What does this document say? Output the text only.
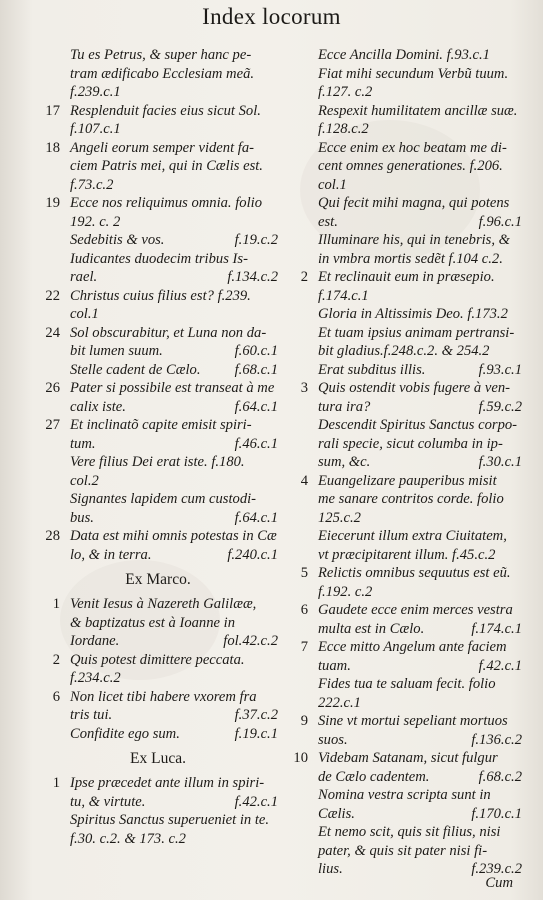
Index locorum
Tu es Petrus, & super hanc pe-
tram ædificabo Ecclesiam meã.
f.239.c.1
17 Resplenduit facies eius sicut Sol.
f.107.c.1
18 Angeli eorum semper vident fa-
ciem Patris mei, qui in Cælis est.
f.73.c.2
19 Ecce nos reliquimus omnia. folio
192. c. 2
Sedebitis & vos.	f.19.c.2
Iudicantes duodecim tribus Is-
rael.	f.134.c.2
22 Christus cuius filius est? f.239.
col.1
24 Sol obscurabitur, et Luna non da-
bit lumen suum.	f.60.c.1
Stelle cadent de Cælo. f.68.c.1
26 Pater si possibile est transeat à me
calix iste.	f.64.c.1
27 Et inclinatõ capite emisit spiri-
tum.	f.46.c.1
Vere filius Dei erat iste. f.180.
col.2
Signantes lapidem cum custodi-
bus.	f.64.c.1
28 Data est mihi omnis potestas in Cæ
lo, & in terra.	f.240.c.1
Ex Marco.
1 Venit Iesus à Nazereth Galilææ,
& baptizatus est à Ioanne in
Iordane.	fol.42.c.2
2 Quis potest dimittere peccata.
f.234.c.2
6 Non licet tibi habere vxorem fra
tris tui.	f.37.c.2
Confidite ego sum.	f.19.c.1
Ex Luca.
1 Ipse præcedet ante illum in spiri-
tu, & virtute.	f.42.c.1
Spiritus Sanctus superueniet in te.
f.30. c.2. & 173. c.2
Ecce Ancilla Domini. f.93.c.1
Fiat mihi secundum Verbũ tuum.
f.127. c.2
Respexit humilitatem ancillæ suæ.
f.128.c.2
Ecce enim ex hoc beatam me di-
cent omnes generationes. f.206.
col.1
Qui fecit mihi magna, qui potens
est.	f.96.c.1
Illuminare his, qui in tenebris, &
in vmbra mortis sedẽt f.104 c.2.
2 Et reclinauit eum in præsepio.
f.174.c.1
Gloria in Altissimis Deo. f.173.2
Et tuam ipsius animam pertransi-
bit gladius.f.248.c.2. & 254.2
Erat subditus illis.	f.93.c.1
3 Quis ostendit vobis fugere à ven-
tura ira?	f.59.c.2
Descendit Spiritus Sanctus corpo-
rali specie, sicut columba in ip-
sum, &c.	f.30.c.1
4 Euangelizare pauperibus misit
me sanare contritos corde. folio
125.c.2
Eiecerunt illum extra Ciuitatem,
vt præcipitarent illum. f.45.c.2
5 Relictis omnibus sequutus est eũ.
f.192. c.2
6 Gaudete ecce enim merces vestra
multa est in Cælo.	f.174.c.1
7 Ecce mitto Angelum ante faciem
tuam.	f.42.c.1
Fides tua te saluam fecit. folio
222.c.1
9 Sine vt mortui sepeliant mortuos
suos.	f.136.c.2
10 Videbam Satanam, sicut fulgur
de Cælo cadentem.	f.68.c.2
Nomina vestra scripta sunt in
Cælis.	f.170.c.1
Et nemo scit, quis sit filius, nisi
pater, & quis sit pater nisi fi-
lius.	f.239.c.2
Cum
